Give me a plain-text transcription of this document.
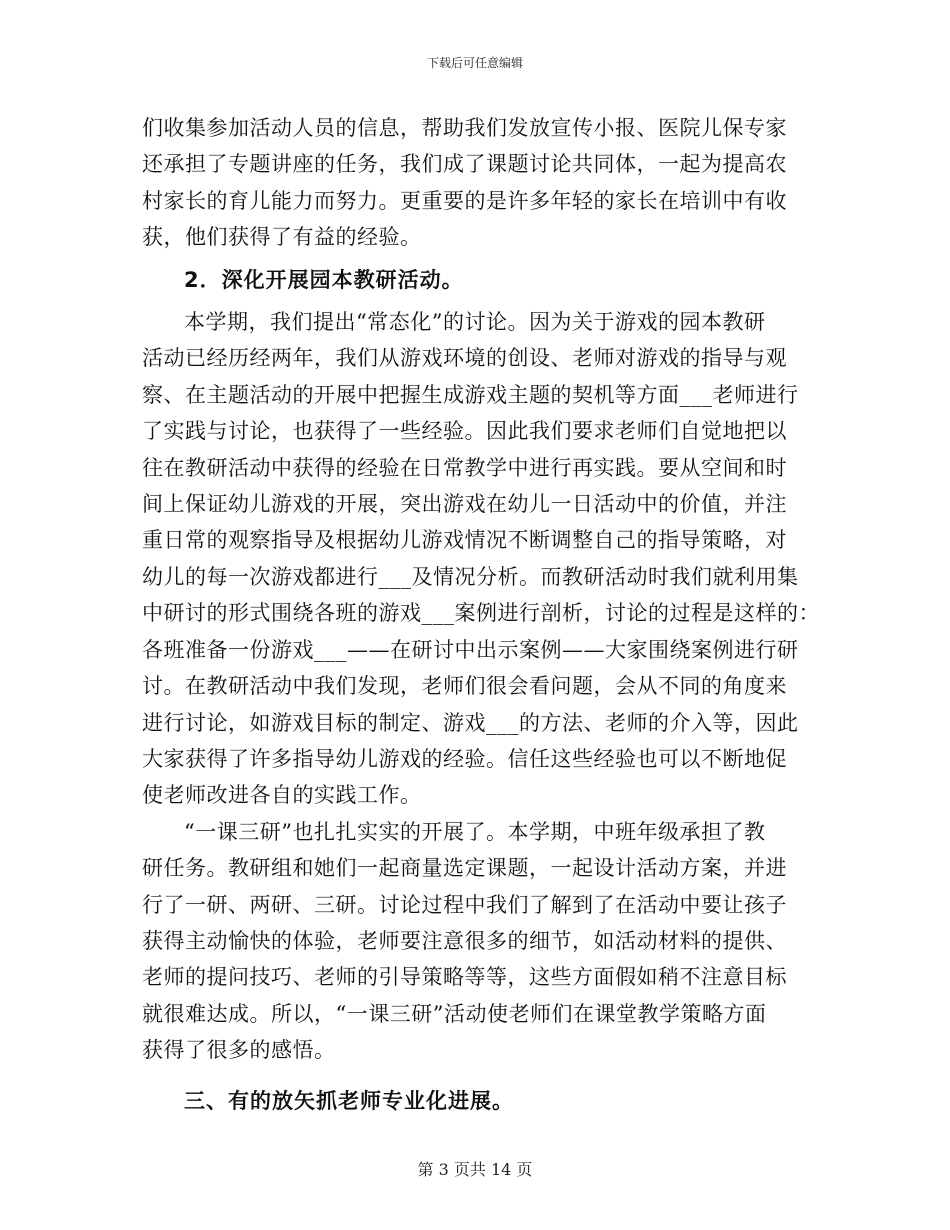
下载后可任意编辑
们收集参加活动人员的信息，帮助我们发放宣传小报、医院儿保专家
还承担了专题讲座的任务，我们成了课题讨论共同体，一起为提高农
村家长的育儿能力而努力。更重要的是许多年轻的家长在培训中有收
获，他们获得了有益的经验。
2．深化开展园本教研活动。
本学期，我们提出“常态化”的讨论。因为关于游戏的园本教研
活动已经历经两年，我们从游戏环境的创设、老师对游戏的指导与观
察、在主题活动的开展中把握生成游戏主题的契机等方面___老师进行
了实践与讨论，也获得了一些经验。因此我们要求老师们自觉地把以
往在教研活动中获得的经验在日常教学中进行再实践。要从空间和时
间上保证幼儿游戏的开展，突出游戏在幼儿一日活动中的价值，并注
重日常的观察指导及根据幼儿游戏情况不断调整自己的指导策略，对
幼儿的每一次游戏都进行___及情况分析。而教研活动时我们就利用集
中研讨的形式围绕各班的游戏___案例进行剖析，讨论的过程是这样的：
各班准备一份游戏___——在研讨中出示案例——大家围绕案例进行研
讨。在教研活动中我们发现，老师们很会看问题，会从不同的角度来
进行讨论，如游戏目标的制定、游戏___的方法、老师的介入等，因此
大家获得了许多指导幼儿游戏的经验。信任这些经验也可以不断地促
使老师改进各自的实践工作。
“一课三研”也扎扎实实的开展了。本学期，中班年级承担了教
研任务。教研组和她们一起商量选定课题，一起设计活动方案，并进
行了一研、两研、三研。讨论过程中我们了解到了在活动中要让孩子
获得主动愉快的体验，老师要注意很多的细节，如活动材料的提供、
老师的提问技巧、老师的引导策略等等，这些方面假如稍不注意目标
就很难达成。所以，“一课三研”活动使老师们在课堂教学策略方面
获得了很多的感悟。
三、有的放矢抓老师专业化进展。
第 3 页共 14 页
